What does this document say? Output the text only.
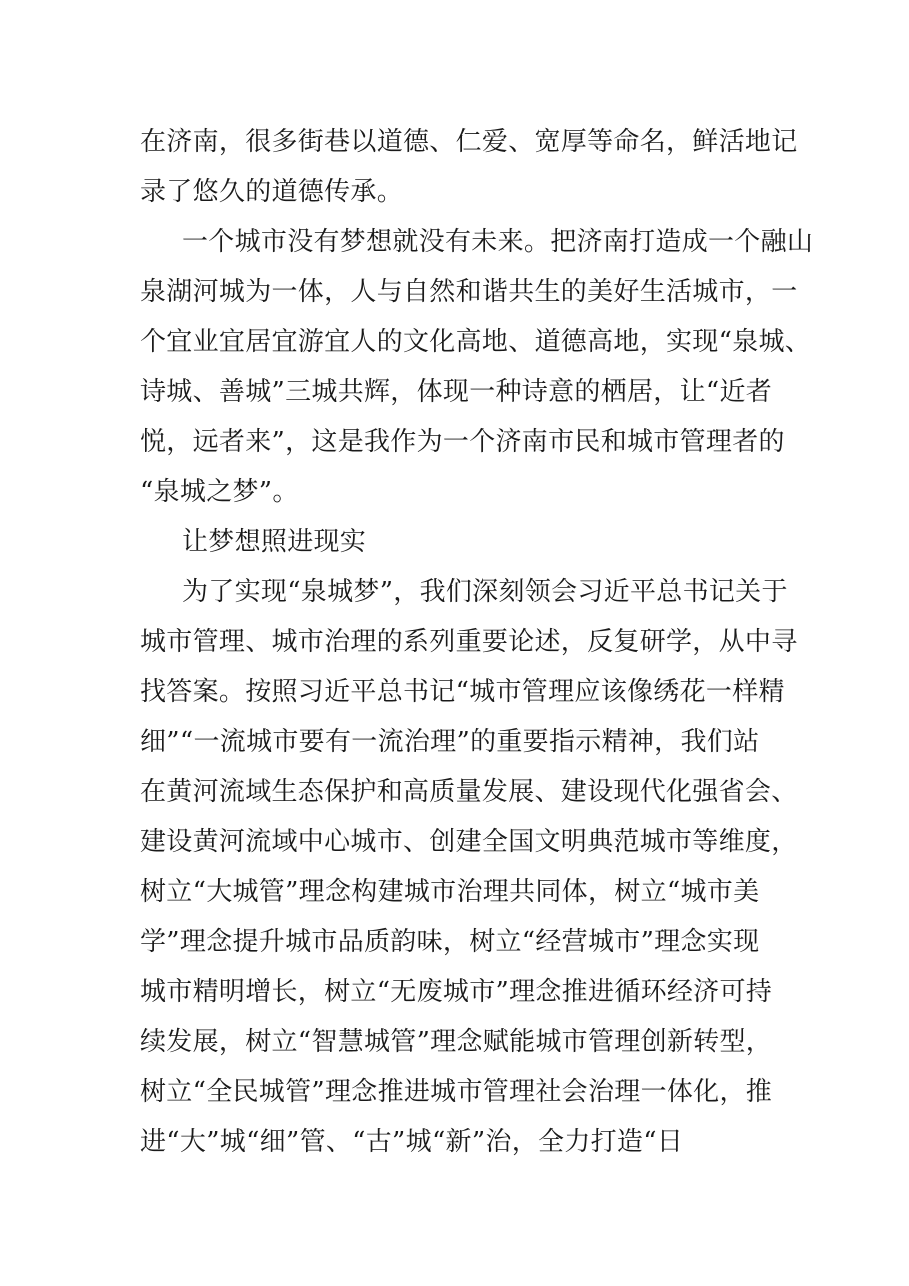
在济南，很多街巷以道德、仁爱、宽厚等命名，鲜活地记
录了悠久的道德传承。
一个城市没有梦想就没有未来。把济南打造成一个融山
泉湖河城为一体，人与自然和谐共生的美好生活城市，一
个宜业宜居宜游宜人的文化高地、道德高地，实现“泉城、
诗城、善城”三城共辉，体现一种诗意的栖居，让“近者
悦，远者来”，这是我作为一个济南市民和城市管理者的
“泉城之梦”。
让梦想照进现实
为了实现“泉城梦”，我们深刻领会习近平总书记关于
城市管理、城市治理的系列重要论述，反复研学，从中寻
找答案。按照习近平总书记“城市管理应该像绣花一样精
细”“一流城市要有一流治理”的重要指示精神，我们站
在黄河流域生态保护和高质量发展、建设现代化强省会、
建设黄河流域中心城市、创建全国文明典范城市等维度，
树立“大城管”理念构建城市治理共同体，树立“城市美
学”理念提升城市品质韵味，树立“经营城市”理念实现
城市精明增长，树立“无废城市”理念推进循环经济可持
续发展，树立“智慧城管”理念赋能城市管理创新转型，
树立“全民城管”理念推进城市管理社会治理一体化，推
进“大”城“细”管、“古”城“新”治，全力打造“日
